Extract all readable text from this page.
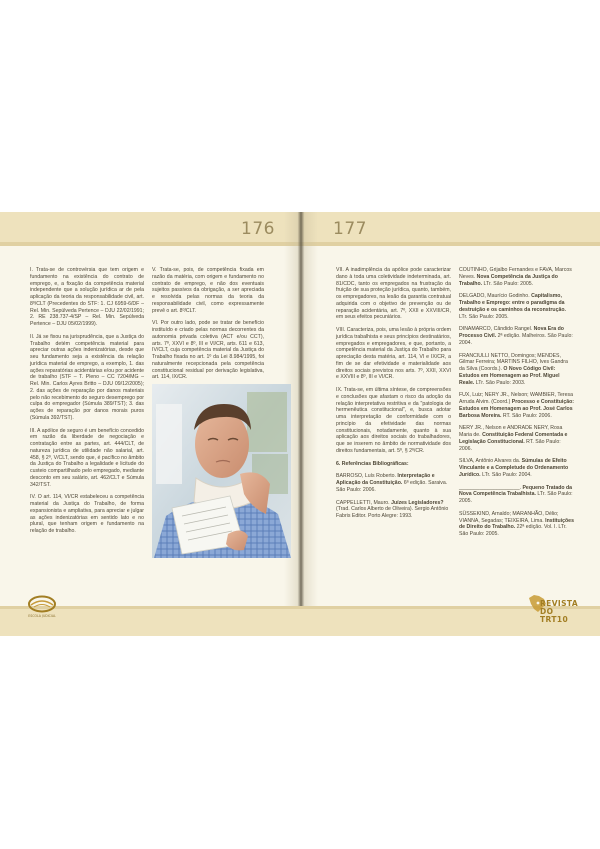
176	177

I. Trata-se de controvérsia que tem origem e fundamento na existência do contrato de emprego, e, a fixação da competência material independente que a solução jurídica ar de pela aplicação da teoria da responsabilidade civil, art. 8º/CLT (Precedentes do STF: 1. CJ 6959-6/DF – Rel. Min. Sepúlveda Pertence – DJU 22/02/1991; 2. RE 238.737-4/SP – Rel. Min. Sepúlveda Pertence – DJU 05/02/1999).

II. Já se fixou na jurisprudência, que a Justiça do Trabalho detém competência material para apreciar outras ações indenizatórias, desde que seu fundamento seja a existência da relação jurídica material de emprego, a exemplo, 1. das ações reparatórias acidentárias e/ou por acidente de trabalho (STF – T. Pleno – CC 7204/MG – Rel. Min. Carlos Ayres Britto – DJU 09/12/2005); 2. das ações de reparação por danos materiais pelo não recebimento do seguro desemprego por culpa do empregador (Súmula 389/TST); 3. das ações de reparação por danos morais puros (Súmula 392/TST).

III. A apólice de seguro é um benefício concedido em razão da liberdade de negociação e contratação entre as partes, art. 444/CLT, de natureza jurídica de utilidade não salarial, art. 458, § 2º, V/CLT, sendo que, é pacífico no âmbito da Justiça do Trabalho a legalidade e licitude do custeio compartilhado pelo empregado, mediante desconto em seu salário, art. 462/CLT e Súmula 342/TST.

IV. O art. 114, VI/CR estabeleceu a competência material da Justiça do Trabalho, de forma expansionista e ampliativa, para apreciar e julgar as ações indenizatórias em sentido lato e no plural, que tenham origem e fundamento na relação de trabalho.

V. Trata-se, pois, de competência fixada em razão da matéria, com origem e fundamento no contrato de emprego, e não dos eventuais sujeitos passivos da obrigação, a ser apreciada e resolvida pelas normas da teoria da responsabilidade civil, como expressamente prevê o art. 8º/CLT.

VI. Por outro lado, pode se tratar de benefício instituído e criado pelas normas decorrentes da autonomia privada coletiva (ACT e/ou CCT), arts. 7º, XXVI e 8º, III e VI/CR, arts. 611 e 613, IV/CLT, cuja competência material da Justiça do Trabalho fixada no art. 1º da Lei 8.984/1995, foi naturalmente recepcionada pela competência constitucional residual por derivação legislativa, art. 114, IX/CR.

VII. A inadimplência da apólice pode caracterizar dano à toda uma coletividade indeterminada, art. 81/CDC, tanto os empregados na frustração da fruição de sua proteção jurídica, quanto, também, os empregadores, na lesão da garantia contratual adquirida com o objetivo de prevenção ou de reparação acidentária, art. 7º, XXII e XXVIII/CR, em seus efeitos pecuniários.

VIII. Caracteriza, pois, uma lesão à própria ordem jurídica trabalhista e seus princípios destinatários, empregados e empregadores, e que, portanto, a competência material da Justiça do Trabalho para apreciação desta matéria, art. 114, VI e IX/CR, a fim de se dar efetividade e materialidade aos direitos sociais previstos nos arts. 7º, XXII, XXVI e XXVIII e 8º, III e VI/CR.

IX. Trata-se, em última síntese, de compreensões e conclusões que afastam o risco da adoção da relação interpretativa restritiva e da "patologia de hermenêutica constitucional", e, busca adotar uma interpretação de conformidade com o princípio da efetividade das normas constitucionais, notadamente, quanto à sua aplicação aos direitos sociais do trabalhadores, que se inserem no âmbito de normatividade dos direitos fundamentais, art. 5º, § 2º/CR.

6. Referências Bibliográficas:

BARROSO, Luís Roberto. Interpretação e Aplicação da Constituição. 6ª edição. Saraiva. São Paulo: 2006.

CAPPELLETTI, Mauro. Juízes Legisladores? (Trad. Carlos Alberto de Oliveira). Sergio Antônio Fabris Editor. Porto Alegre: 1993.

COUTINHO, Grijalbo Fernandes e FAVA, Marcos Neves. Nova Competência da Justiça do Trabalho. LTr. São Paulo: 2005.

DELGADO, Maurício Godinho. Capitalismo, Trabalho e Emprego: entre o paradigma da destruição e os caminhos da reconstrução. LTr. São Paulo: 2005.

DINAMARCO, Cândido Rangel. Nova Era do Processo Civil. 2ª edição. Malheiros. São Paulo: 2004.

FRANCIULLI NETTO, Domingos; MENDES, Gilmar Ferreira; MARTINS FILHO, Ives Gandra da Silva (Coords.). O Novo Código Civil: Estudos em Homenagem ao Prof. Miguel Reale. LTr. São Paulo: 2003.

FUX, Luiz; NERY JR., Nelson; WAMBIER, Teresa Arruda Alvim. (Coord.) Processo e Constituição: Estudos em Homenagem ao Prof. José Carlos Barbosa Moreira. RT. São Paulo: 2006.

NERY JR., Nelson e ANDRADE NERY, Rosa Maria de. Constituição Federal Comentada e Legislação Constitucional. RT. São Paulo: 2006.

SILVA, Antônio Alvares da. Súmulas de Efeito Vinculante e a Completude do Ordenamento Jurídico. LTr. São Paulo: 2004.

_____________________. Pequeno Tratado da Nova Competência Trabalhista. LTr. São Paulo: 2005.

SÜSSEKIND, Arnaldo; MARANHÃO, Délio; VIANNA, Segadas; TEIXEIRA, Lima. Instituições de Direito do Trabalho. 22ª edição. Vol. I. LTr. São Paulo: 2005.

ESCOLA JUDICIAL
REVISTA
DO TRT10
